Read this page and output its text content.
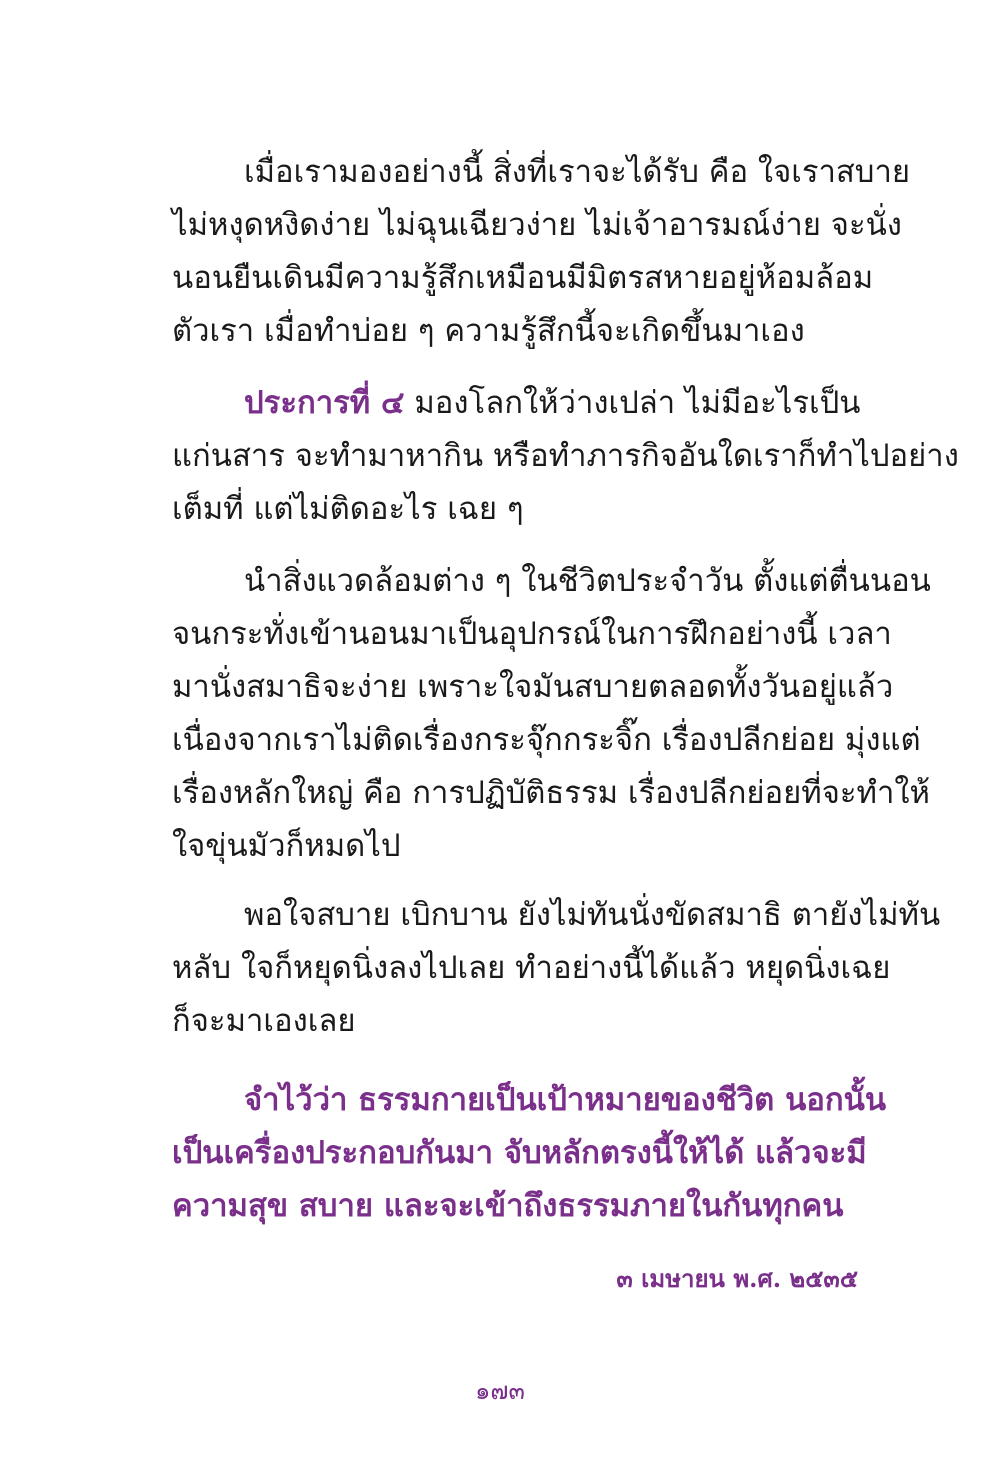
เมื่อเรามองอย่างนี้ สิ่งที่เราจะได้รับ คือ ใจเราสบาย
ไม่หงุดหงิดง่าย ไม่ฉุนเฉียวง่าย ไม่เจ้าอารมณ์ง่าย จะนั่ง
นอนยืนเดินมีความรู้สึกเหมือนมีมิตรสหายอยู่ห้อมล้อม
ตัวเรา เมื่อทำบ่อย ๆ ความรู้สึกนี้จะเกิดขึ้นมาเอง
ประการที่ ๔ มองโลกให้ว่างเปล่า ไม่มีอะไรเป็น
แก่นสาร จะทำมาหากิน หรือทำภารกิจอันใดเราก็ทำไปอย่าง
เต็มที่ แต่ไม่ติดอะไร เฉย ๆ
นำสิ่งแวดล้อมต่าง ๆ ในชีวิตประจำวัน ตั้งแต่ตื่นนอน
จนกระทั่งเข้านอนมาเป็นอุปกรณ์ในการฝึกอย่างนี้ เวลา
มานั่งสมาธิจะง่าย เพราะใจมันสบายตลอดทั้งวันอยู่แล้ว
เนื่องจากเราไม่ติดเรื่องกระจุ๊กกระจิ๊ก เรื่องปลีกย่อย มุ่งแต่
เรื่องหลักใหญ่ คือ การปฏิบัติธรรม เรื่องปลีกย่อยที่จะทำให้
ใจขุ่นมัวก็หมดไป
พอใจสบาย เบิกบาน ยังไม่ทันนั่งขัดสมาธิ ตายังไม่ทัน
หลับ ใจก็หยุดนิ่งลงไปเลย ทำอย่างนี้ได้แล้ว หยุดนิ่งเฉย
ก็จะมาเองเลย
จำไว้ว่า ธรรมกายเป็นเป้าหมายของชีวิต นอกนั้น
เป็นเครื่องประกอบกันมา จับหลักตรงนี้ให้ได้ แล้วจะมี
ความสุข สบาย และจะเข้าถึงธรรมภายในกันทุกคน
๓ เมษายน พ.ศ. ๒๕๓๕
๑๗๓
